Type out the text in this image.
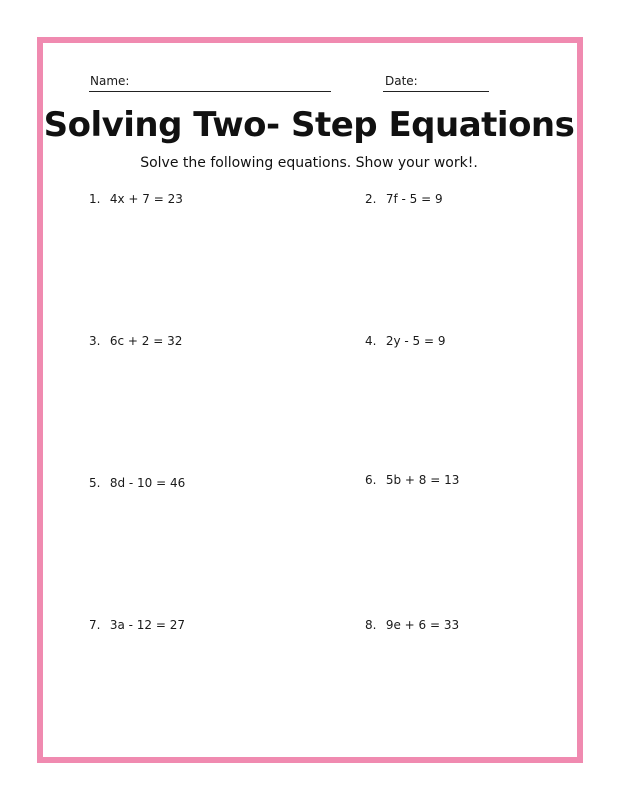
Name:	Date:
Solving Two- Step Equations
Solve the following equations. Show your work!.
1. 4x + 7 = 23	2. 7f - 5 = 9
3. 6c + 2 = 32	4. 2y - 5 = 9
5. 8d - 10 = 46	6. 5b + 8 = 13
7. 3a - 12 = 27	8. 9e + 6 = 33
